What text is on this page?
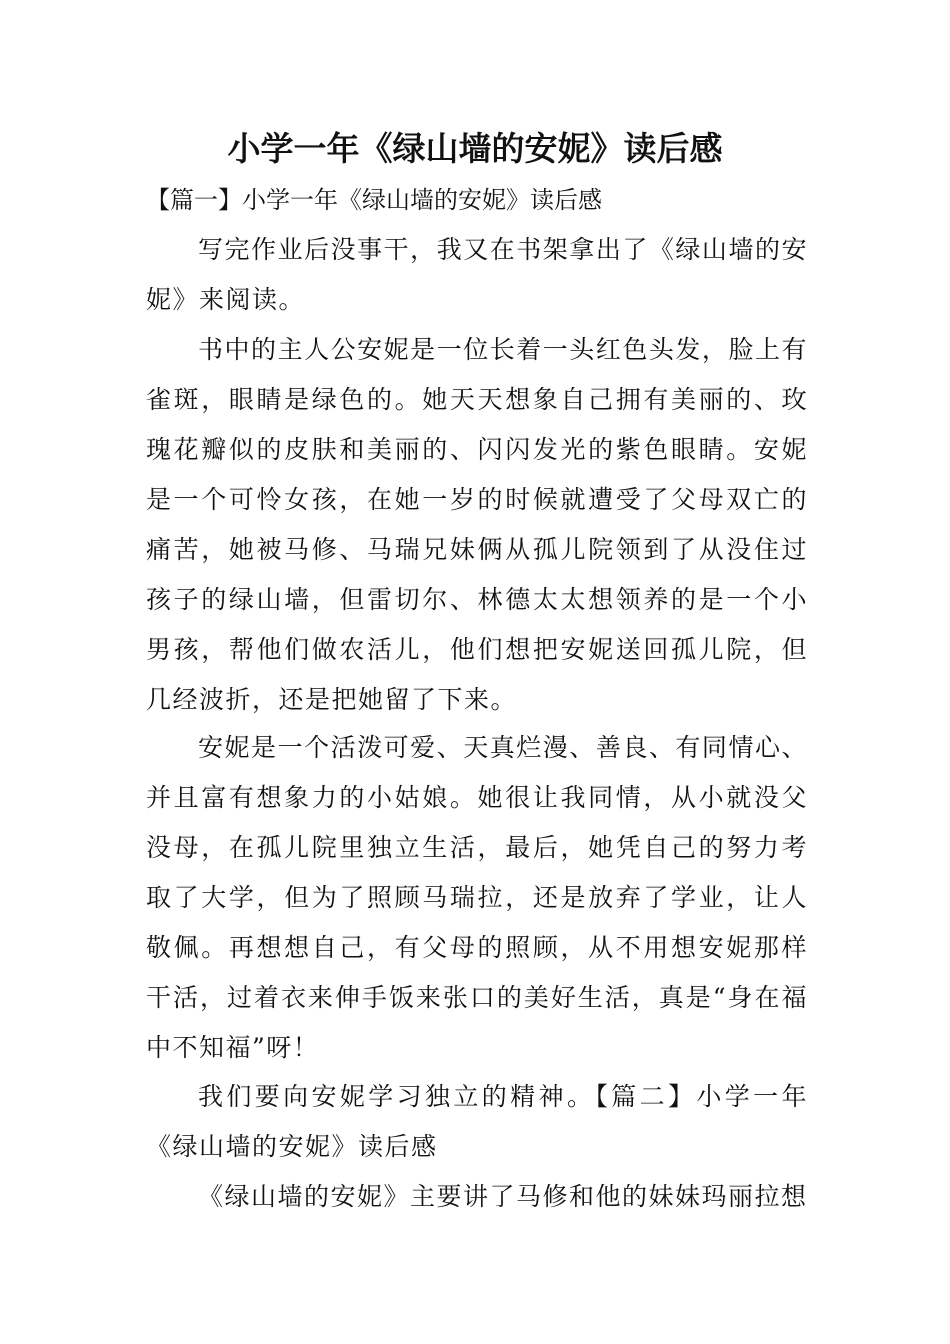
小学一年《绿山墙的安妮》读后感
【篇一】小学一年《绿山墙的安妮》读后感

写完作业后没事干，我又在书架拿出了《绿山墙的安妮》来阅读。

书中的主人公安妮是一位长着一头红色头发，脸上有雀斑，眼睛是绿色的。她天天想象自己拥有美丽的、玫瑰花瓣似的皮肤和美丽的、闪闪发光的紫色眼睛。安妮是一个可怜女孩，在她一岁的时候就遭受了父母双亡的痛苦，她被马修、马瑞兄妹俩从孤儿院领到了从没住过孩子的绿山墙，但雷切尔、林德太太想领养的是一个小男孩，帮他们做农活儿，他们想把安妮送回孤儿院，但几经波折，还是把她留了下来。

安妮是一个活泼可爱、天真烂漫、善良、有同情心、并且富有想象力的小姑娘。她很让我同情，从小就没父没母，在孤儿院里独立生活，最后，她凭自己的努力考取了大学，但为了照顾马瑞拉，还是放弃了学业，让人敬佩。再想想自己，有父母的照顾，从不用想安妮那样干活，过着衣来伸手饭来张口的美好生活，真是“身在福中不知福”呀！

我们要向安妮学习独立的精神。【篇二】小学一年《绿山墙的安妮》读后感

《绿山墙的安妮》主要讲了马修和他的妹妹玛丽拉想
